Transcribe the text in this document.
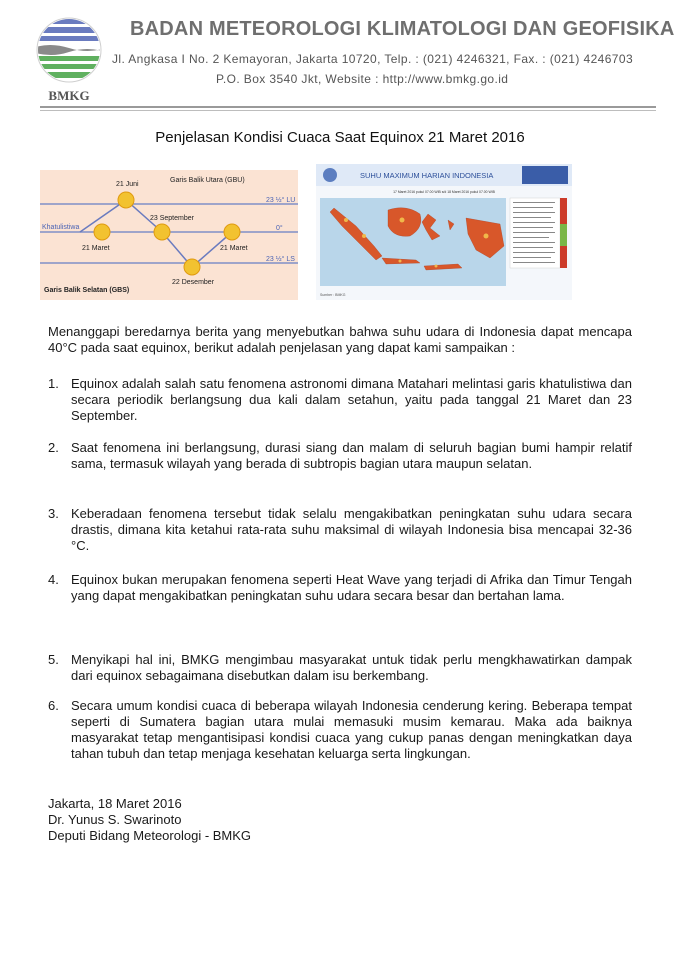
BMKG
BADAN METEOROLOGI KLIMATOLOGI DAN GEOFISIKA
Jl. Angkasa I No. 2 Kemayoran, Jakarta 10720, Telp. : (021) 4246321, Fax. : (021) 4246703
P.O. Box 3540 Jkt, Website : http://www.bmkg.go.id
Penjelasan Kondisi Cuaca Saat Equinox 21 Maret 2016
Garis Balik Utara (GBU)
21 Juni
Khatulistiwa
23 September
21 Maret	21 Maret
22 Desember
Garis Balik Selatan (GBS)
23 ½° LU
0°
23 ½° LS
SUHU MAXIMUM HARIAN INDONESIA
17 Maret 2016 pukul 07.00 WIB s/d 18 Maret 2016 pukul 07.00 WIB
Sumber : BMKG
Menanggapi beredarnya berita yang menyebutkan bahwa suhu udara di Indonesia dapat mencapa 40°C pada saat equinox, berikut adalah penjelasan yang dapat kami sampaikan :
1. Equinox adalah salah satu fenomena astronomi dimana Matahari melintasi garis khatulistiwa dan secara periodik berlangsung dua kali dalam setahun, yaitu pada tanggal 21 Maret dan 23 September.
2. Saat fenomena ini berlangsung, durasi siang dan malam di seluruh bagian bumi hampir relatif sama, termasuk wilayah yang berada di subtropis bagian utara maupun selatan.
3. Keberadaan fenomena tersebut tidak selalu mengakibatkan peningkatan suhu udara secara drastis, dimana kita ketahui rata-rata suhu maksimal di wilayah Indonesia bisa mencapai 32-36 °C.
4. Equinox bukan merupakan fenomena seperti Heat Wave yang terjadi di Afrika dan Timur Tengah yang dapat mengakibatkan peningkatan suhu udara secara besar dan bertahan lama.
5. Menyikapi hal ini, BMKG mengimbau masyarakat untuk tidak perlu mengkhawatirkan dampak dari equinox sebagaimana disebutkan dalam isu berkembang.
6. Secara umum kondisi cuaca di beberapa wilayah Indonesia cenderung kering. Beberapa tempat seperti di Sumatera bagian utara mulai memasuki musim kemarau. Maka ada baiknya masyarakat tetap mengantisipasi kondisi cuaca yang cukup panas dengan meningkatkan daya tahan tubuh dan tetap menjaga kesehatan keluarga serta lingkungan.
Jakarta, 18 Maret 2016
Dr. Yunus S. Swarinoto
Deputi Bidang Meteorologi - BMKG
